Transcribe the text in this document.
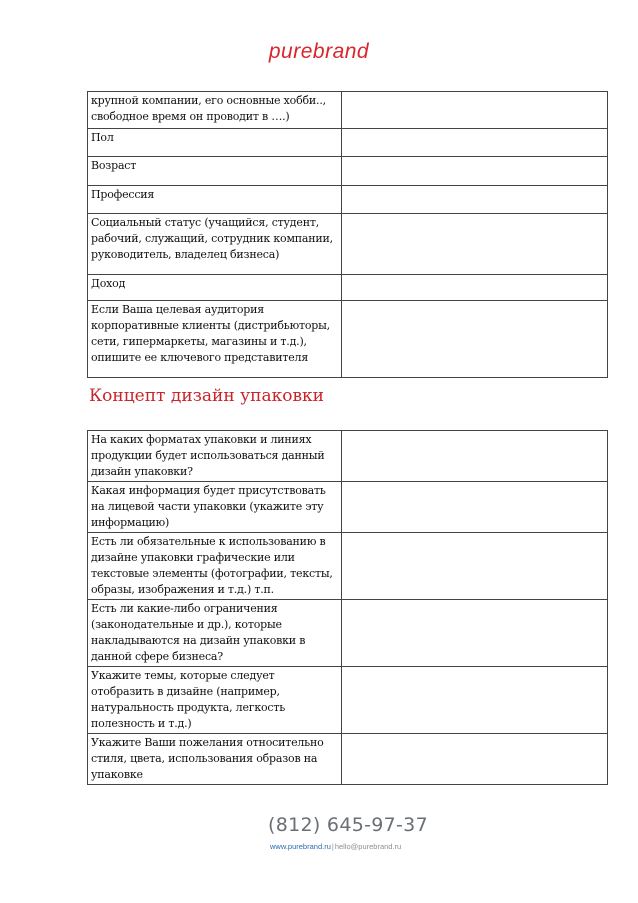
purebrand
крупной компании, его основные хобби.., свободное время он проводит в ….)	
Пол	
Возраст	
Профессия	
Социальный статус (учащийся, студент, рабочий, служащий, сотрудник компании, руководитель, владелец бизнеса)	
Доход	
Если Ваша целевая аудитория корпоративные клиенты (дистрибьюторы, сети, гипермаркеты, магазины и т.д.), опишите ее ключевого представителя	
Концепт дизайн упаковки
На каких форматах упаковки и линиях продукции будет использоваться данный дизайн упаковки?	
Какая информация будет присутствовать на лицевой части упаковки (укажите эту информацию)	
Есть ли обязательные к использованию в дизайне упаковки графические или текстовые элементы (фотографии, тексты, образы, изображения и т.д.) т.п.	
Есть ли какие-либо ограничения (законодательные и др.), которые накладываются на дизайн упаковки в данной сфере бизнеса?	
Укажите темы, которые следует отобразить в дизайне (например, натуральность продукта, легкость полезность и т.д.)	
Укажите Ваши пожелания относительно стиля, цвета, использования образов на упаковке	
(812) 645-97-37
www.purebrand.ru|hello@purebrand.ru
